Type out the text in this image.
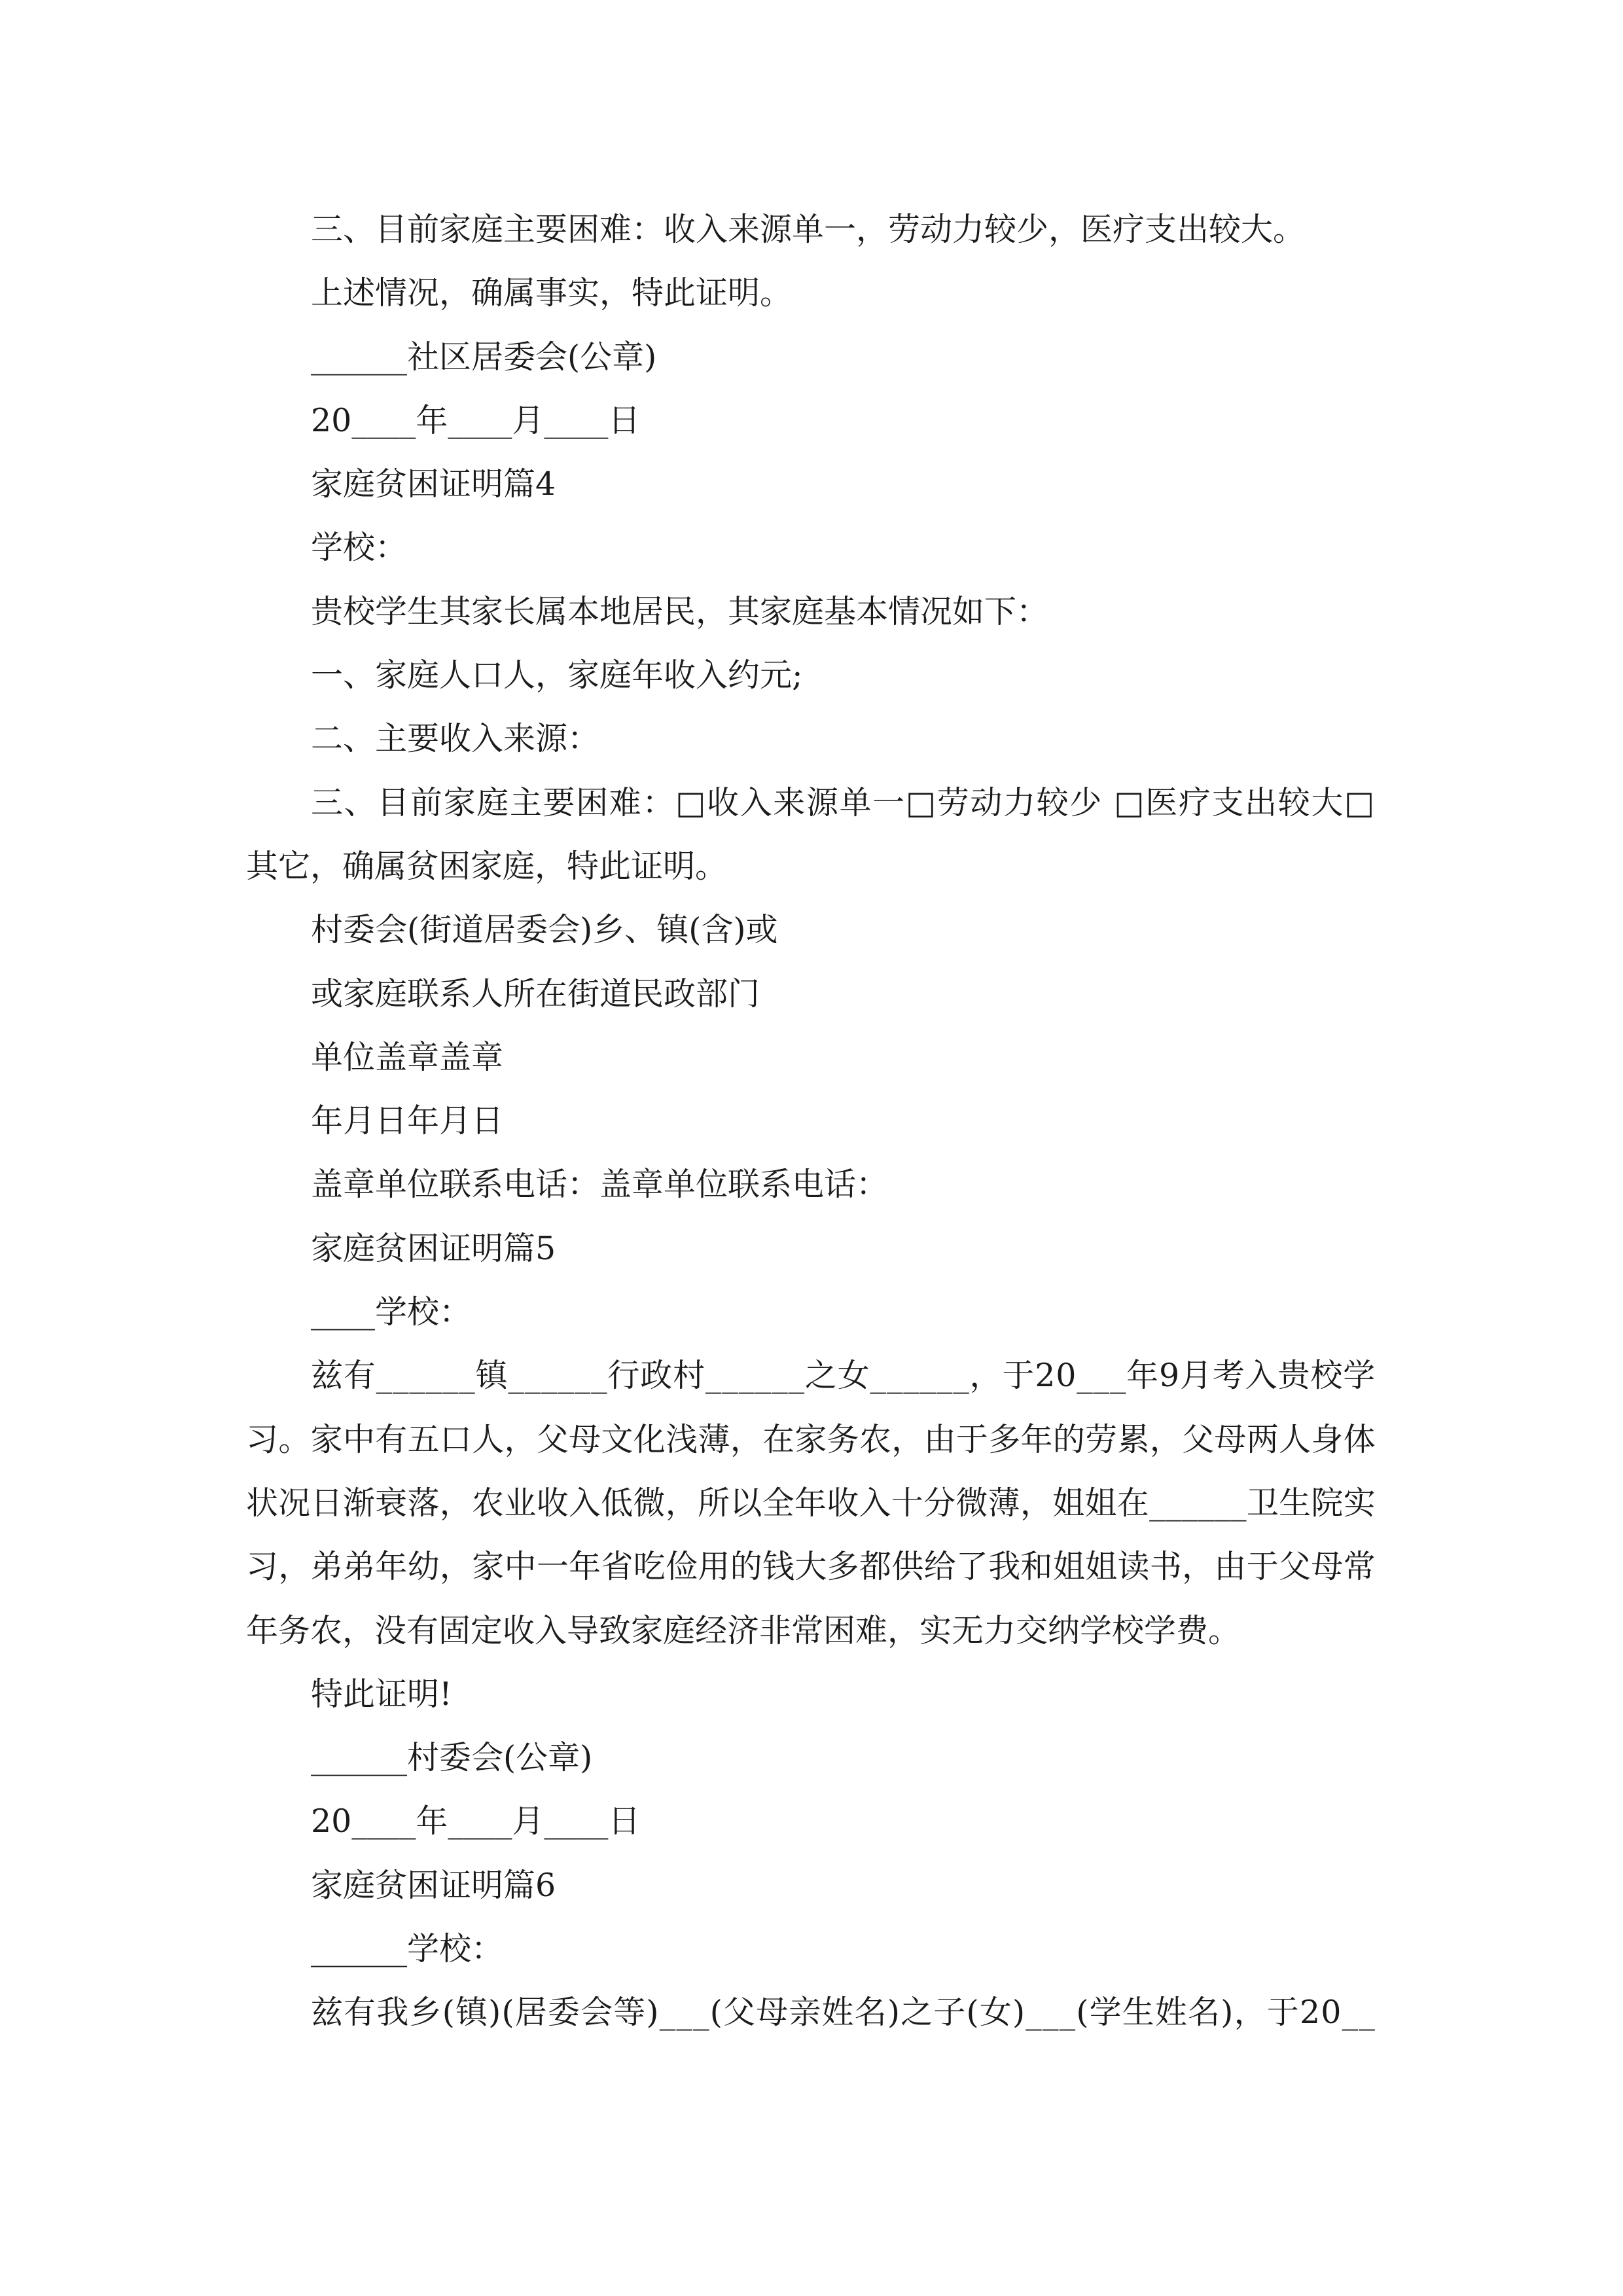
三、目前家庭主要困难：收入来源单一，劳动力较少，医疗支出较大。
上述情况，确属事实，特此证明。
______社区居委会(公章)
20____年____月____日
家庭贫困证明篇4
学校：
贵校学生其家长属本地居民，其家庭基本情况如下：
一、家庭人口人，家庭年收入约元;
二、主要收入来源：
三、目前家庭主要困难：□收入来源单一□劳动力较少 □医疗支出较大□
其它，确属贫困家庭，特此证明。
村委会(街道居委会)乡、镇(含)或
或家庭联系人所在街道民政部门
单位盖章盖章
年月日年月日
盖章单位联系电话：盖章单位联系电话：
家庭贫困证明篇5
____学校：
兹有______镇______行政村______之女______，于20___年9月考入贵校学
习。家中有五口人，父母文化浅薄，在家务农，由于多年的劳累，父母两人身体
状况日渐衰落，农业收入低微，所以全年收入十分微薄，姐姐在______卫生院实
习，弟弟年幼，家中一年省吃俭用的钱大多都供给了我和姐姐读书，由于父母常
年务农，没有固定收入导致家庭经济非常困难，实无力交纳学校学费。
特此证明!
______村委会(公章)
20____年____月____日
家庭贫困证明篇6
______学校：
兹有我乡(镇)(居委会等)___(父母亲姓名)之子(女)___(学生姓名)，于20__
